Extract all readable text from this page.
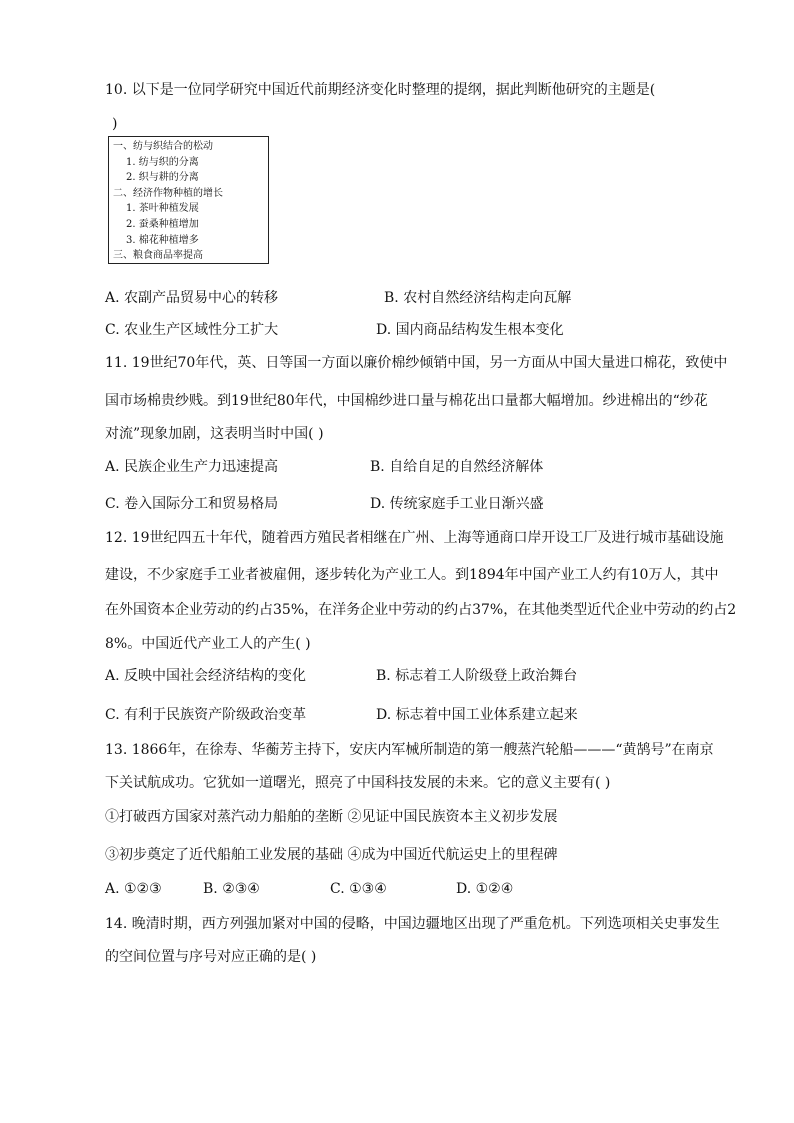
10. 以下是一位同学研究中国近代前期经济变化时整理的提纲，据此判断他研究的主题是(
)
一、纺与织结合的松动
1. 纺与织的分离
2. 织与耕的分离
二、经济作物种植的增长
1. 茶叶种植发展
2. 蚕桑种植增加
3. 棉花种植增多
三、粮食商品率提高
A. 农副产品贸易中心的转移	B. 农村自然经济结构走向瓦解
C. 农业生产区域性分工扩大	D. 国内商品结构发生根本变化
11. 19世纪70年代，英、日等国一方面以廉价棉纱倾销中国，另一方面从中国大量进口棉花，致使中
国市场棉贵纱贱。到19世纪80年代，中国棉纱进口量与棉花出口量都大幅增加。纱进棉出的“纱花
对流”现象加剧，这表明当时中国( )
A. 民族企业生产力迅速提高	B. 自给自足的自然经济解体
C. 卷入国际分工和贸易格局	D. 传统家庭手工业日渐兴盛
12. 19世纪四五十年代，随着西方殖民者相继在广州、上海等通商口岸开设工厂及进行城市基础设施
建设，不少家庭手工业者被雇佣，逐步转化为产业工人。到1894年中国产业工人约有10万人，其中
在外国资本企业劳动的约占35%，在洋务企业中劳动的约占37%，在其他类型近代企业中劳动的约占2
8%。中国近代产业工人的产生( )
A. 反映中国社会经济结构的变化	B. 标志着工人阶级登上政治舞台
C. 有利于民族资产阶级政治变革	D. 标志着中国工业体系建立起来
13. 1866年，在徐寿、华蘅芳主持下，安庆内军械所制造的第一艘蒸汽轮船———“黄鹄号”在南京
下关试航成功。它犹如一道曙光，照亮了中国科技发展的未来。它的意义主要有( )
①打破西方国家对蒸汽动力船舶的垄断 ②见证中国民族资本主义初步发展
③初步奠定了近代船舶工业发展的基础 ④成为中国近代航运史上的里程碑
A. ①②③	B. ②③④	C. ①③④	D. ①②④
14. 晚清时期，西方列强加紧对中国的侵略，中国边疆地区出现了严重危机。下列选项相关史事发生
的空间位置与序号对应正确的是( )
